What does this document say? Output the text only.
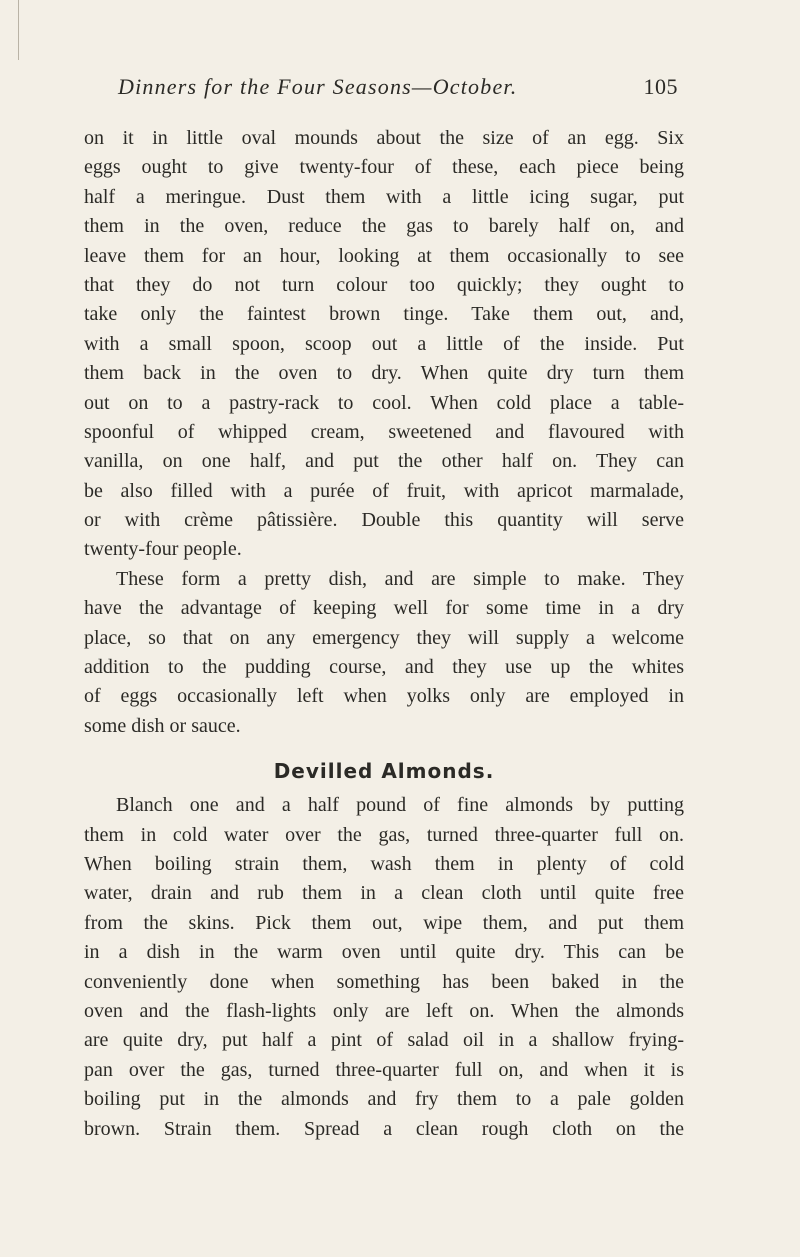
Dinners for the Four Seasons—October.	105
on it in little oval mounds about the size of an egg. Six
eggs ought to give twenty-four of these, each piece being
half a meringue. Dust them with a little icing sugar, put
them in the oven, reduce the gas to barely half on, and
leave them for an hour, looking at them occasionally to see
that they do not turn colour too quickly; they ought to
take only the faintest brown tinge. Take them out, and,
with a small spoon, scoop out a little of the inside. Put
them back in the oven to dry. When quite dry turn them
out on to a pastry-rack to cool. When cold place a table-
spoonful of whipped cream, sweetened and flavoured with
vanilla, on one half, and put the other half on. They can
be also filled with a purée of fruit, with apricot marmalade,
or with crème pâtissière. Double this quantity will serve
twenty-four people.
These form a pretty dish, and are simple to make. They
have the advantage of keeping well for some time in a dry
place, so that on any emergency they will supply a welcome
addition to the pudding course, and they use up the whites
of eggs occasionally left when yolks only are employed in
some dish or sauce.
Devilled Almonds.
Blanch one and a half pound of fine almonds by putting
them in cold water over the gas, turned three-quarter full on.
When boiling strain them, wash them in plenty of cold
water, drain and rub them in a clean cloth until quite free
from the skins. Pick them out, wipe them, and put them
in a dish in the warm oven until quite dry. This can be
conveniently done when something has been baked in the
oven and the flash-lights only are left on. When the almonds
are quite dry, put half a pint of salad oil in a shallow frying-
pan over the gas, turned three-quarter full on, and when it is
boiling put in the almonds and fry them to a pale golden
brown. Strain them. Spread a clean rough cloth on the
